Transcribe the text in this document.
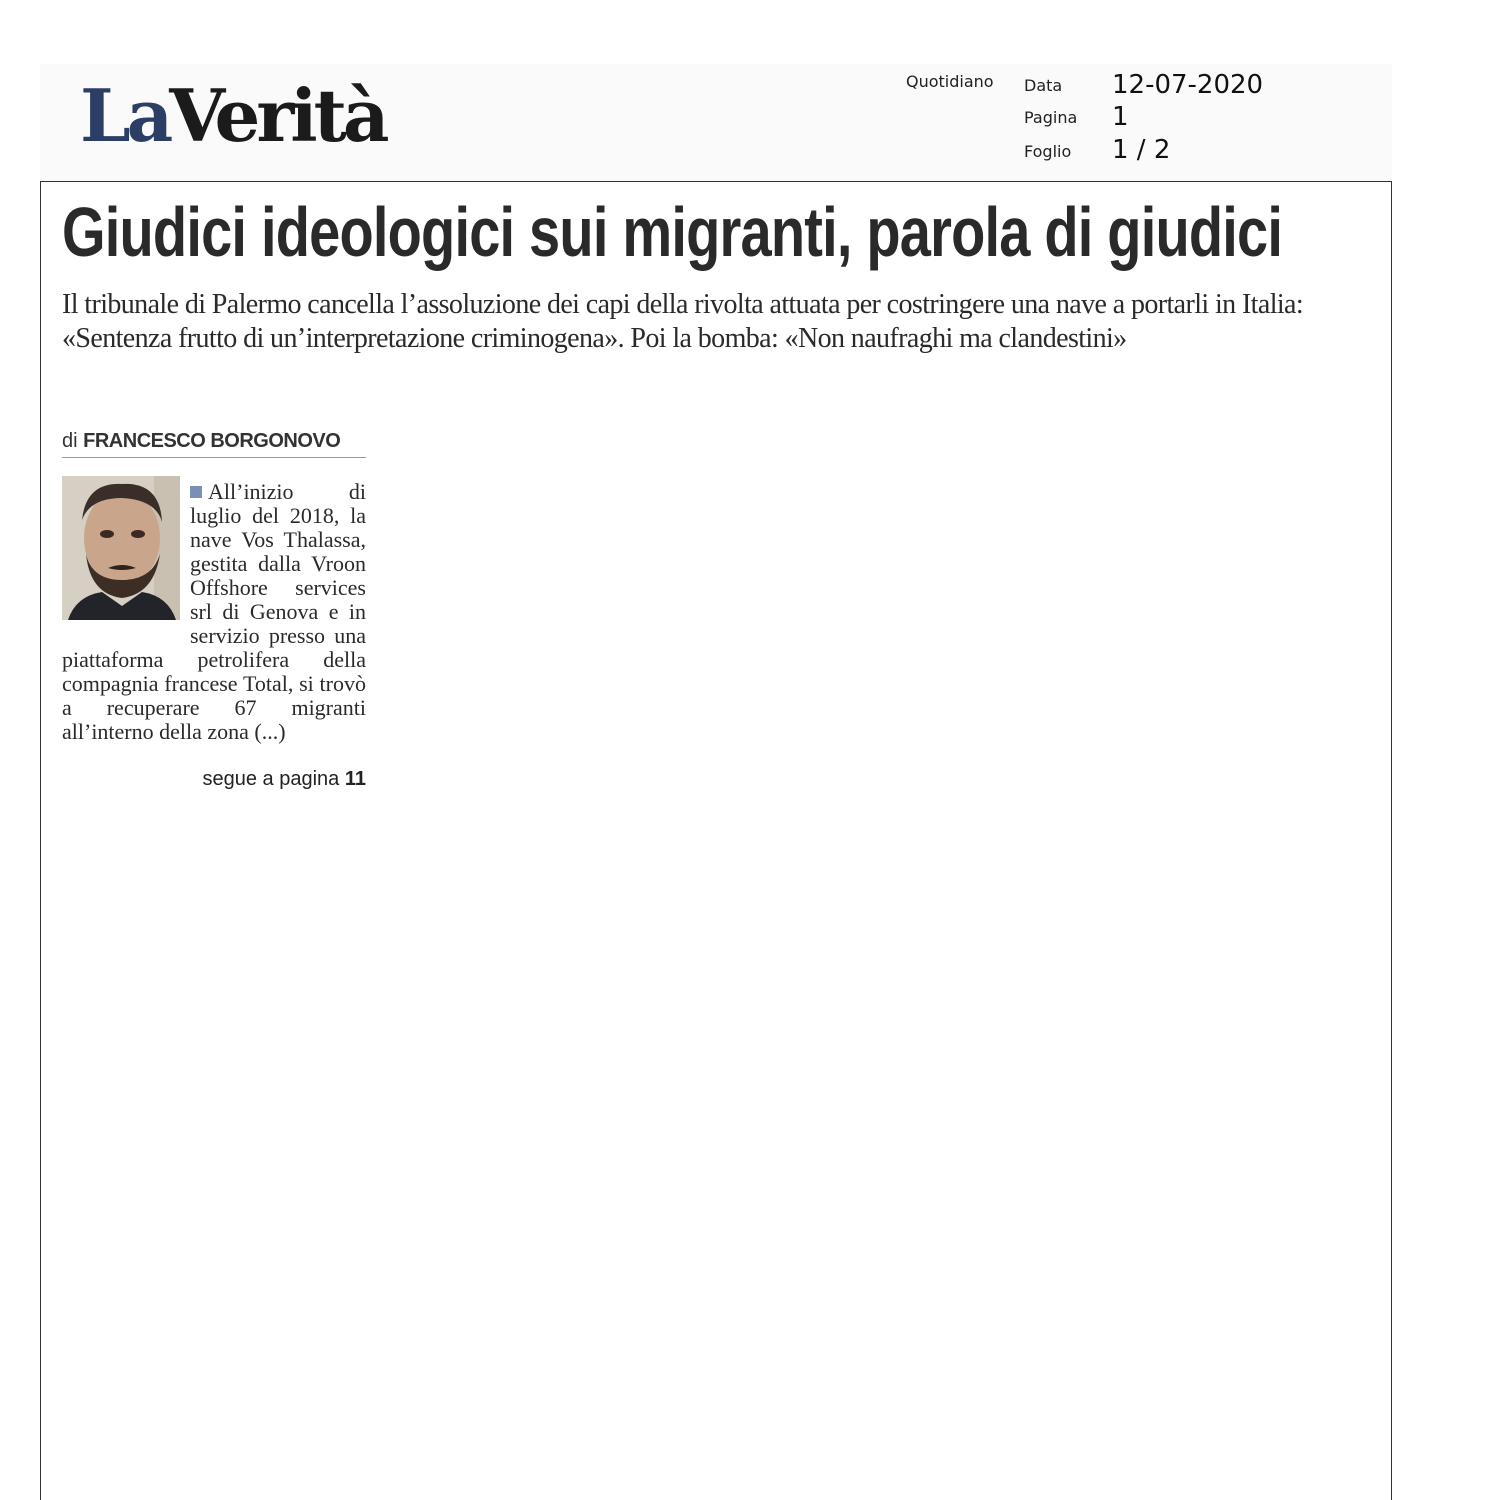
LaVerità	Quotidiano Data 12-07-2020
Pagina 1
Foglio 1 / 2
Giudici ideologici sui migranti, parola di giudici
Il tribunale di Palermo cancella l’assoluzione dei capi della rivolta attuata per costringere una nave a portarli in Italia: «Sentenza frutto di un’interpretazione criminogena». Poi la bomba: «Non naufraghi ma clandestini»
di FRANCESCO BORGONOVO
All’inizio di luglio del 2018, la nave Vos Thalassa, gestita dalla Vroon Offshore services srl di Genova e in servizio presso una piattaforma petrolifera della compagnia francese Total, si trovò a recuperare 67 migranti all’interno della zona (...)
segue a pagina 11
